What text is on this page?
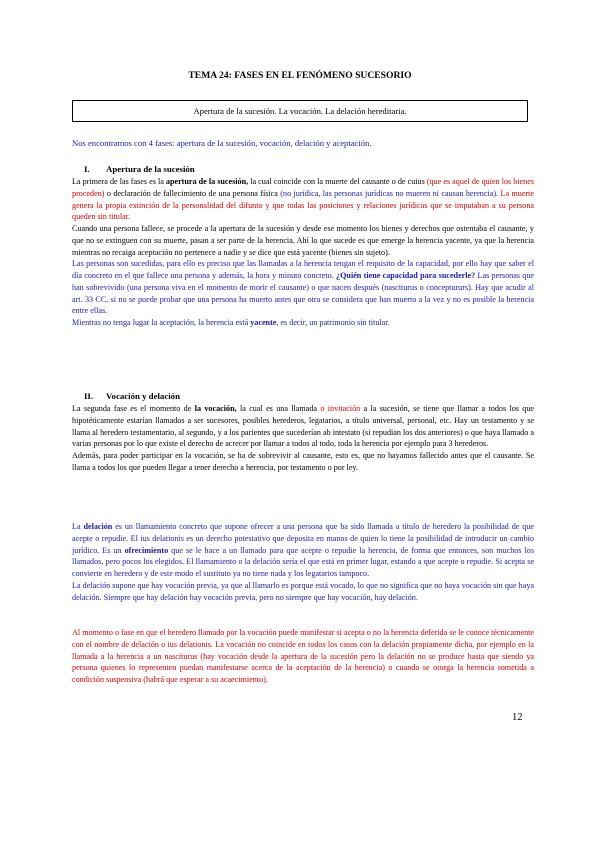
TEMA 24: FASES EN EL FENÓMENO SUCESORIO
Apertura de la sucesión. La vocación. La delación hereditaria.
Nos encontramos con 4 fases: apertura de la sucesión, vocación, delación y aceptación.
I. Apertura de la sucesión

La primera de las fases es la apertura de la sucesión, la cual coincide con la muerte del causante o de cuius (que es aquel de quien los bienes proceden) o declaración de fallecimiento de una persona física (no jurídica, las personas jurídicas no mueren ni causan herencia). La muerte genera la propia extinción de la personalidad del difunto y que todas las posiciones y relaciones jurídicas que se imputaban a su persona queden sin titular.

Cuando una persona fallece, se procede a la apertura de la sucesión y desde ese momento los bienes y derechos que ostentaba el causante, y que no se extinguen con su muerte, pasan a ser parte de la herencia. Ahí lo que sucede es que emerge la herencia yacente, ya que la herencia mientras no recaiga aceptación no pertenece a nadie y se dice que está yacente (bienes sin sujeto).

Las personas son sucedidas, para ello es preciso que las llamadas a la herencia tengan el requisito de la capacidad, por ello hay que saber el día concreto en el que fallece una persona y además, la hora y minuto concreto. ¿Quién tiene capacidad para sucederle? Las personas que han sobrevivido (una persona viva en el momento de morir el causante) o que nacen después (nasciturus o conceptururs). Hay que acudir al art. 33 CC, si no se puede probar que una persona ha muerto antes que otra se considera que han muerto a la vez y no es posible la herencia entre ellas.

Mientras no tenga lugar la aceptación, la herencia está yacente, es decir, un patrimonio sin titular.

II. Vocación y delación

La segunda fase es el momento de la vocación, la cual es una llamada o invitación a la sucesión, se tiene que llamar a todos los que hipotéticamente estarían llamados a ser sucesores, posibles herederos, legatarios, a título universal, personal, etc. Hay un testamento y se llama al heredero testamentario, al segundo, y a los parientes que sucederían ab intestato (si repudian los dos anteriores) o que haya llamado a varias personas por lo que existe el derecho de acrecer por llamar a todos al todo, toda la herencia por ejemplo para 3 herederos.

Además, para poder participar en la vocación, se ha de sobrevivir al causante, esto es, que no hayamos fallecido antes que el causante. Se llama a todos los que pueden llegar a tener derecho a herencia, por testamento o por ley.

La delación es un llamamiento concreto que supone ofrecer a una persona que ha sido llamada a título de heredero la posibilidad de que acepte o repudie. El ius delationis es un derecho potestativo que deposita en manos de quien lo tiene la posibilidad de introducir un cambio jurídico. Es un ofrecimiento que se le hace a un llamado para que acepte o repudie la herencia, de forma que entonces, son muchos los llamados, pero pocos los elegidos. El llamamiento o la delación sería el que está en primer lugar, estando a que acepte o repudie. Si acepta se convierte en heredero y de este modo el sustituto ya no tiene nada y los legatarios tampoco.

La delación supone que hay vocación previa, ya que al llamarlo es porque está vocado, lo que no significa que no haya vocación sin que haya delación. Siempre que hay delación hay vocación previa, pero no siempre que hay vocación, hay delación.

Al momento o fase en que el heredero llamado por la vocación puede manifestar si acepta o no la herencia deferida se le conoce técnicamente con el nombre de delación o ius delationis. La vocación no coincide en todos los casos con la delación propiamente dicha, por ejemplo en la llamada a la herencia a un nasciturus (hay vocación desde la apertura de la sucesión pero la delación no se produce hasta que siendo ya persona quienes lo representen puedan manifestarse acerca de la aceptación de la herencia) o cuando se otorga la herencia sometida a condición suspensiva (habrá que esperar a su acaecimiento).

12
